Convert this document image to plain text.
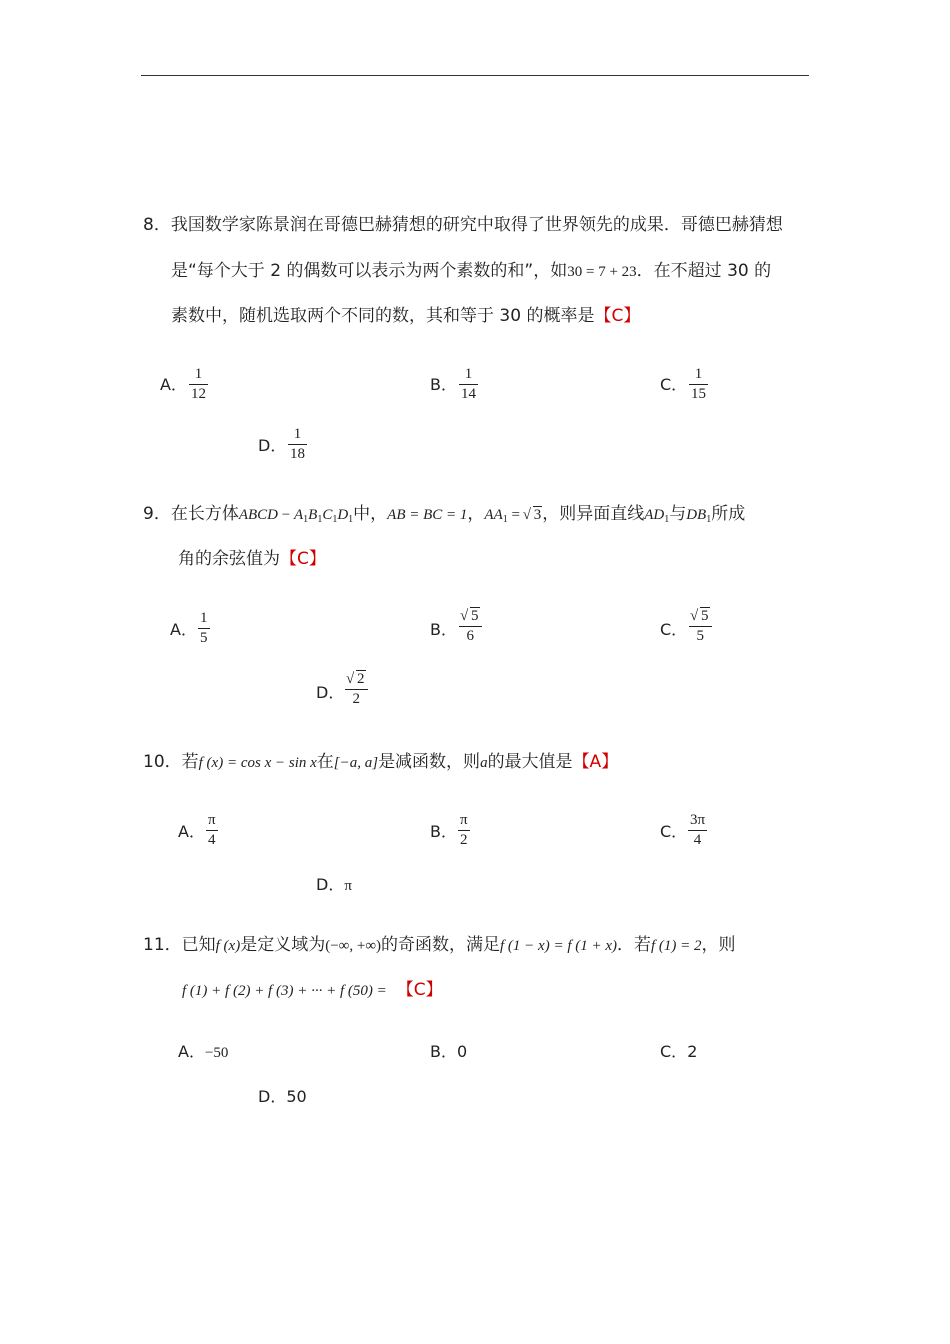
8．我国数学家陈景润在哥德巴赫猜想的研究中取得了世界领先的成果．哥德巴赫猜想
是“每个大于 2 的偶数可以表示为两个素数的和”，如30 = 7 + 23．在不超过 30 的
素数中，随机选取两个不同的数，其和等于 30 的概率是【C】
A．
1
12	B．
1
14	C．
1
15
D．
1
18
9．在长方体ABCD − $A_1B_1C_1D_1$中，AB = BC = 1，$AA_1$ = √ 3，则异面直线$AD_1$与$DB_1$所成
角的余弦值为【C】
A．
1
5	B．
√ 5
6	C．
√ 5
5
D．
√ 2
2
10．若f (x) = cos x − sin x在[−a, a]是减函数，则a的最大值是【A】
A．
π
4	B．
π
2	C．
3π
4
D．π
11．已知f (x)是定义域为(−∞, +∞)的奇函数，满足f (1 − x) = f (1 + x)．若f (1) = 2，则
f (1) + f (2) + f (3) + ··· + f (50) = 【C】
A．−50	B．0	C．2
D．50
